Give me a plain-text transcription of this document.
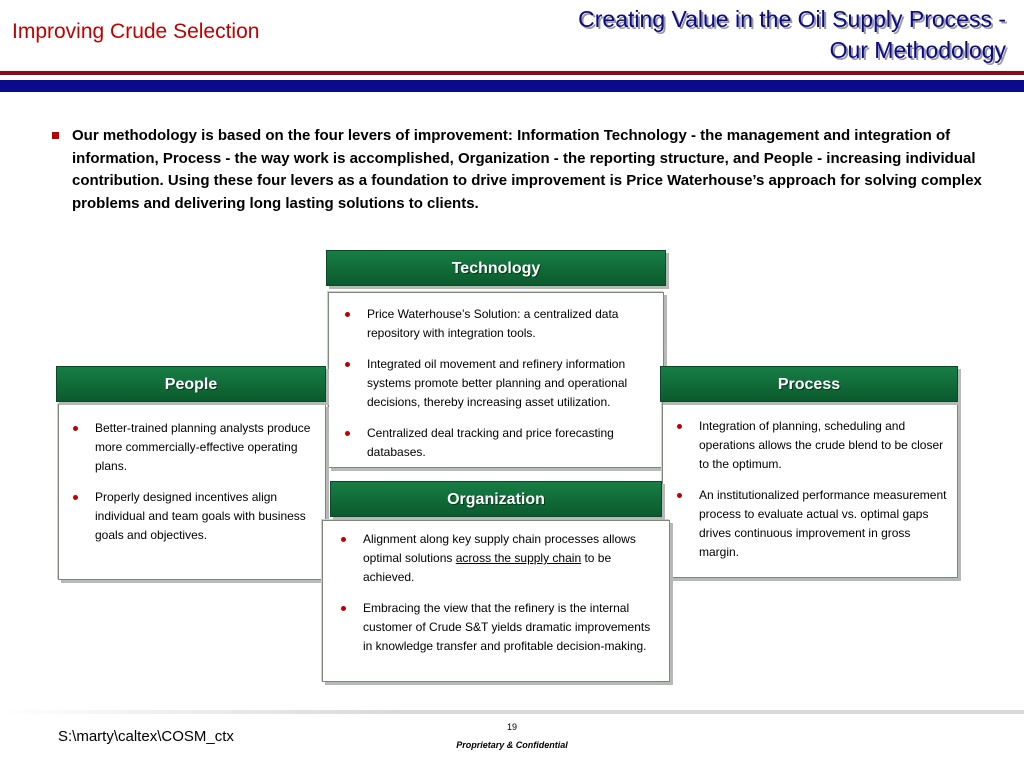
Improving Crude Selection	Creating Value in the Oil Supply Process -
Our Methodology
Our methodology is based on the four levers of improvement: Information Technology - the management and integration of information, Process - the way work is accomplished, Organization - the reporting structure, and People - increasing individual contribution. Using these four levers as a foundation to drive improvement is Price Waterhouse’s approach for solving complex problems and delivering long lasting solutions to clients.
Price Waterhouse’s Solution: a centralized data repository with integration tools.
Integrated oil movement and refinery information systems promote better planning and operational decisions, thereby increasing asset utilization.
Centralized deal tracking and price forecasting databases.
Technology
Better-trained planning analysts produce more commercially-effective operating plans.
Properly designed incentives align individual and team goals with business goals and objectives.
People
Integration of planning, scheduling and operations allows the crude blend to be closer to the optimum.
An institutionalized performance measurement process to evaluate actual vs. optimal gaps drives continuous improvement in gross margin.
Process
Alignment along key supply chain processes allows optimal solutions across the supply chain to be achieved.
Embracing the view that the refinery is the internal customer of Crude S&T yields dramatic improvements in knowledge transfer and profitable decision-making.
Organization
S:\marty\caltex\COSM_ctx
19
Proprietary & Confidential
